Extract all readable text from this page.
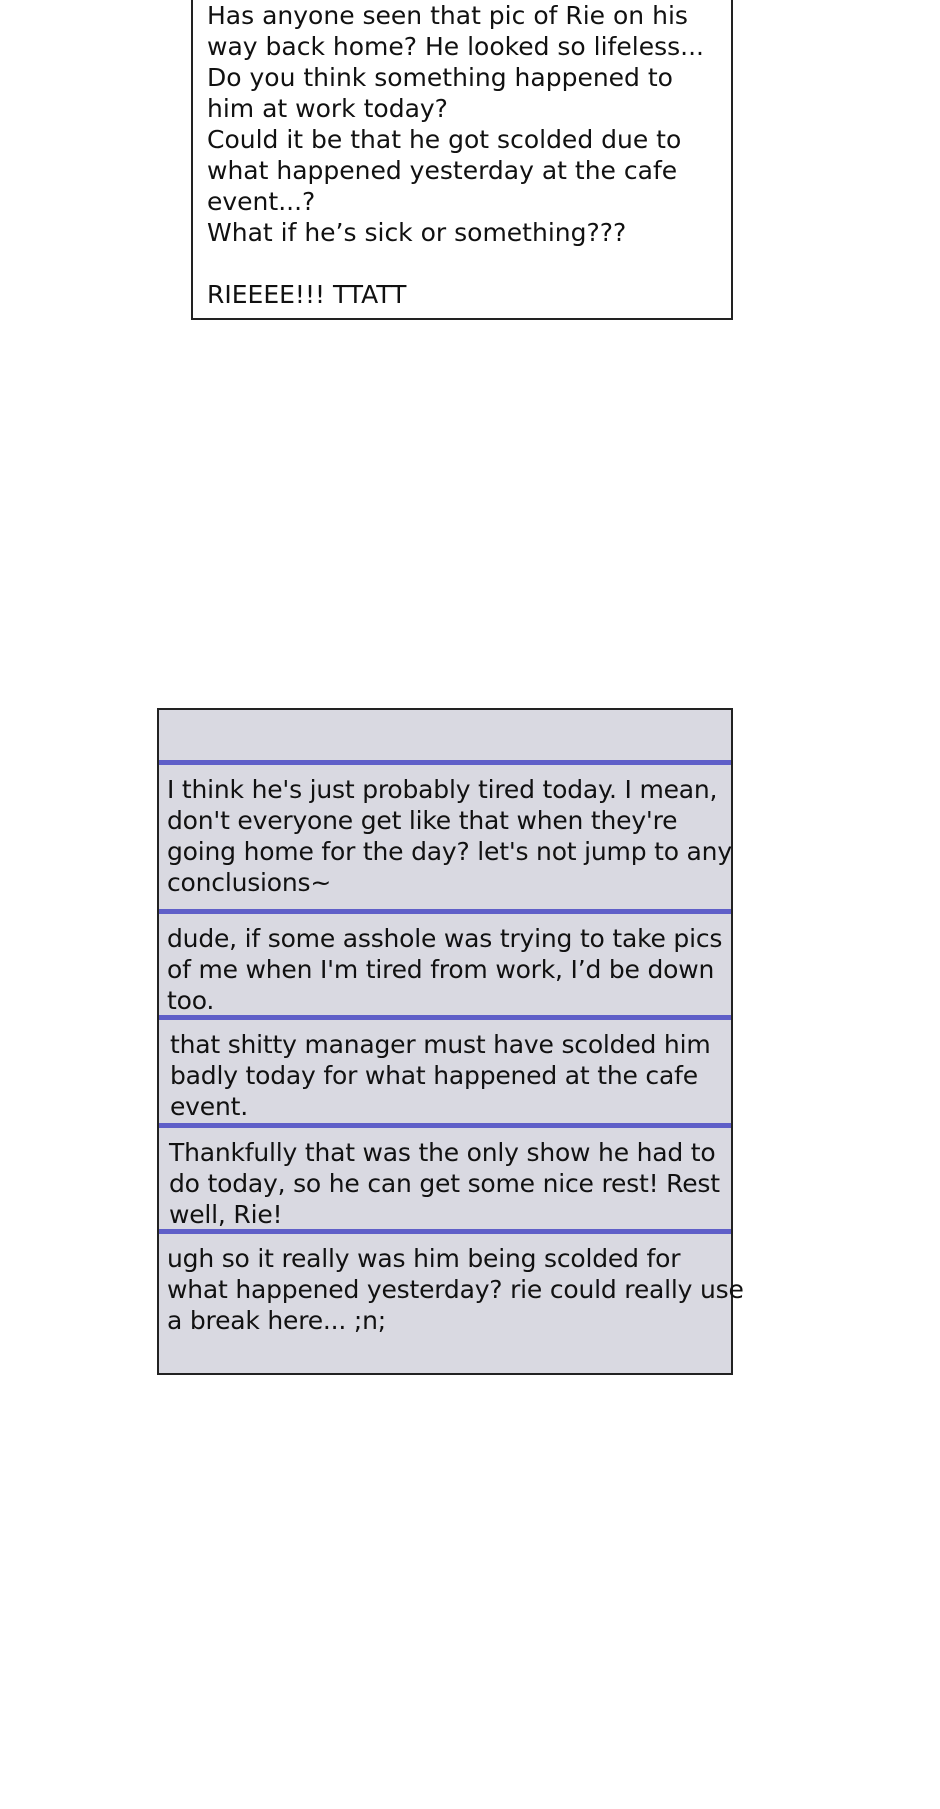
Has anyone seen that pic of Rie on his
way back home? He looked so lifeless...
Do you think something happened to
him at work today?
Could it be that he got scolded due to
what happened yesterday at the cafe
event...?
What if he’s sick or something???
RIEEEE!!! TTATT
I think he's just probably tired today. I mean,
don't everyone get like that when they're
going home for the day? let's not jump to any
conclusions~
dude, if some asshole was trying to take pics
of me when I'm tired from work, I’d be down
too.
that shitty manager must have scolded him
badly today for what happened at the cafe
event.
Thankfully that was the only show he had to
do today, so he can get some nice rest! Rest
well, Rie!
ugh so it really was him being scolded for
what happened yesterday? rie could really use
a break here... ;n;
